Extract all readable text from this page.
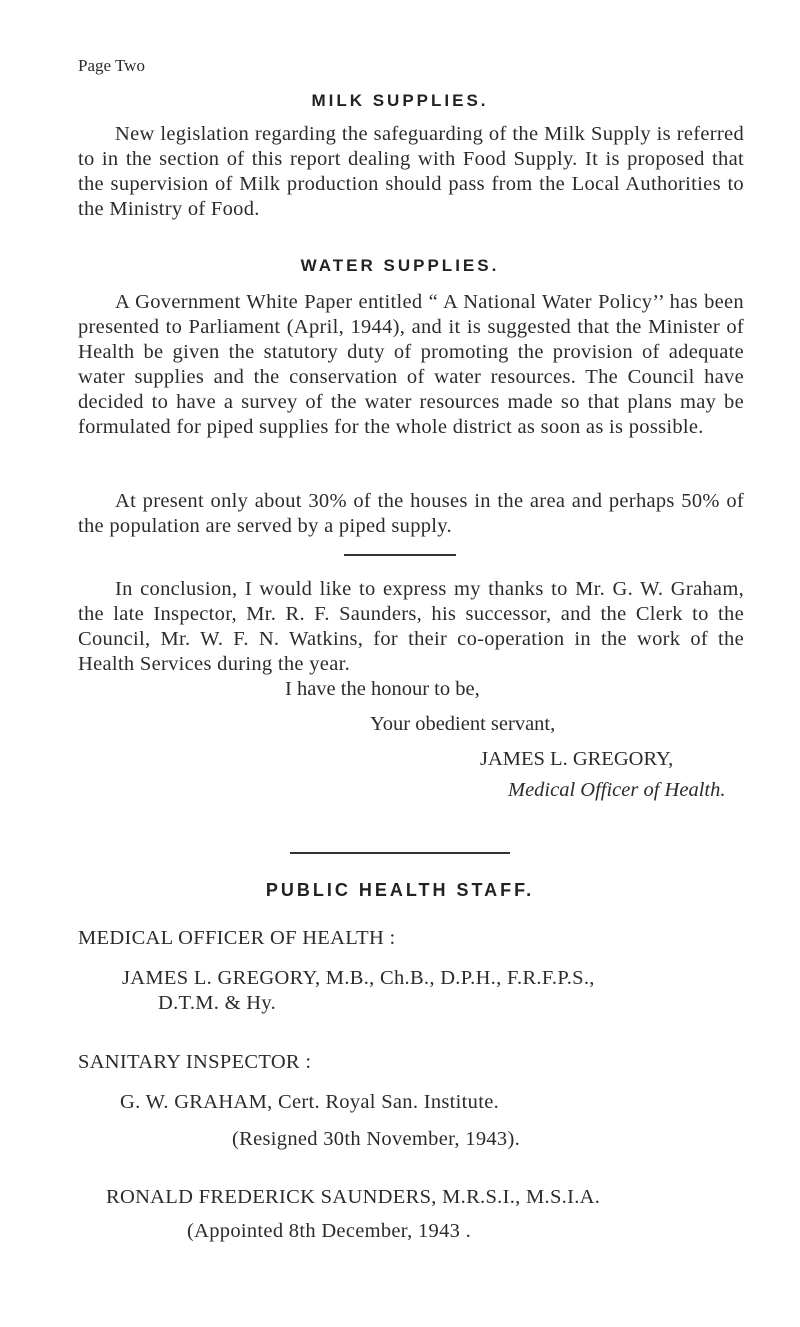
Page Two
MILK SUPPLIES.
New legislation regarding the safeguarding of the Milk Supply is referred to in the section of this report dealing with Food Supply. It is proposed that the supervision of Milk production should pass from the Local Authorities to the Ministry of Food.
WATER SUPPLIES.
A Government White Paper entitled “ A National Water Policy’’ has been presented to Parliament (April, 1944), and it is suggested that the Minister of Health be given the statutory duty of promoting the provision of adequate water supplies and the conservation of water resources. The Council have decided to have a survey of the water resources made so that plans may be formulated for piped supplies for the whole district as soon as is possible.
At present only about 30% of the houses in the area and perhaps 50% of the population are served by a piped supply.
In conclusion, I would like to express my thanks to Mr. G. W. Graham, the late Inspector, Mr. R. F. Saunders, his successor, and the Clerk to the Council, Mr. W. F. N. Watkins, for their co-operation in the work of the Health Services during the year.
I have the honour to be,
Your obedient servant,
JAMES L. GREGORY,
Medical Officer of Health.
PUBLIC HEALTH STAFF.
MEDICAL OFFICER OF HEALTH :
JAMES L. GREGORY, M.B., Ch.B., D.P.H., F.R.F.P.S.,
D.T.M. & Hy.
SANITARY INSPECTOR :
G. W. GRAHAM, Cert. Royal San. Institute.
(Resigned 30th November, 1943).
RONALD FREDERICK SAUNDERS, M.R.S.I., M.S.I.A.
(Appointed 8th December, 1943 .
